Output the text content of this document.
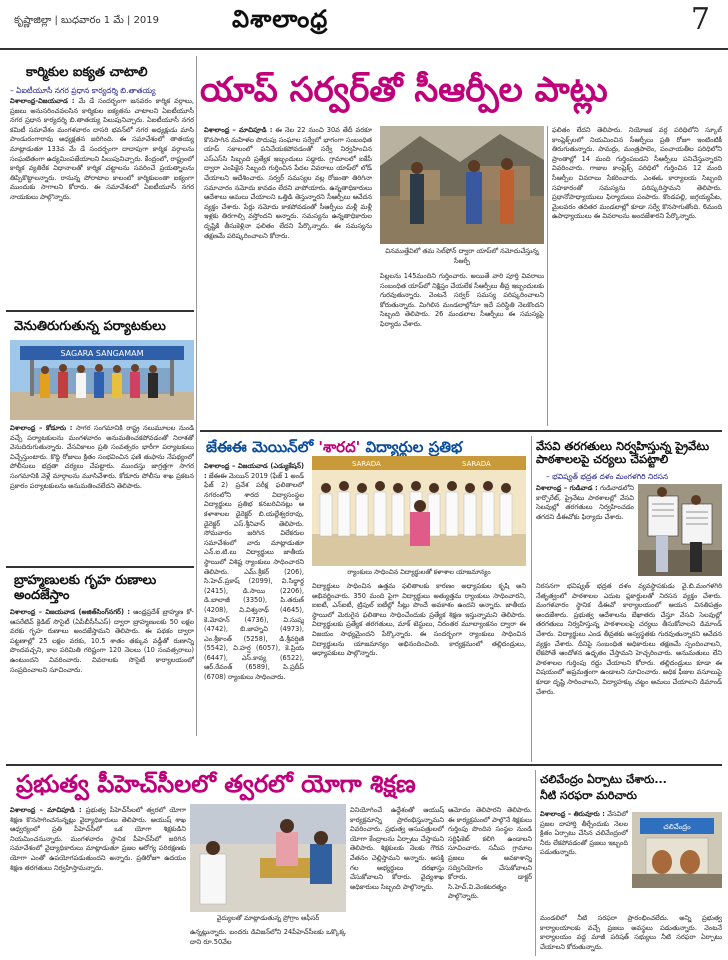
కృష్ణాజిల్లా | బుధవారం 1 మే | 2019	విశాలాంధ్ర	7
కార్మికుల ఐక్యత చాటాలి
– ఏఐటీయూసీ నగర ప్రధాన కార్యదర్శి బి.తాతయ్య
విశాలాంధ్ర-విజయవాడ : మే డే సందర్భంగా జనవరం కార్మిక వర్గాలు, ప్రజలు అనుసరించవలసిన కార్మికుల ఐక్యతను చాటాలని ఏఐటీయూసీ నగర ప్రధాన కార్యదర్శి బి.తాతయ్య పిలుపునిచ్చారు. ఏఐటీయూసీ నగర కమిటీ సమావేశం మంగళవారం దాసరి భవన్‌లో నగర అధ్యక్షుడు మాసి పాండురంగారావు అధ్యక్షతన జరిగింది. ఈ సమావేశంలో తాతయ్య మాట్లాడుతూ 133వ మే డే సందర్భంగా దాదాపుగా కార్మిక వర్గాలను సంఘటితంగా ఉద్యమింపజేయాలని పిలుపునిచ్చారు. కేంద్రంలో, రాష్ట్రంలో కార్మిక వ్యతిరేక విధానాలతో కార్మిక చట్టాలను సవరించే ప్రయత్నాలను తిప్పికొట్టాలన్నారు. రానున్న పోరాటాల కాలంలో కార్మికులంతా ఐక్యంగా ముందుకు సాగాలని కోరారు. ఈ సమావేశంలో ఏఐటీయూసీ నగర నాయకులు పాల్గొన్నారు.
వెనుతిరుగుతున్న పర్యాటకులు
SAGARA SANGAMAM
విశాలాంధ్ర – కోడూరు : సాగర సంగమానికి రాష్ట్ర నలుమూలల నుండి వచ్చే పర్యాటకులను మంగళవారం అనుమతించకపోవడంతో నిరాశతో వెనుదిరుగుతున్నారు. వేసవికాలం ప్రతి సంవత్సరం భారీగా పర్యాటకులు విచ్చేస్తుంటారు. కొద్ది రోజులు క్రితం సంభవించిన ఫణి తుఫాను నేపథ్యంలో పోలీసులు భద్రతా చర్యలు చేపట్టారు. ముందస్తు జాగ్రత్తగా సాగర సంగమానికి వెళ్లే మార్గాలను మూసివేశారు. కోడూరు పోలీసు శాఖ ప్రకటన ప్రకారం పర్యాటకులను అనుమతించలేదని తెలిపారు.
బ్రాహ్మణులకు గృహ రుణాలు అందజేస్తాం
విశాలాంధ్ర – విజయవాడ (అజిత్‌సింగ్‌నగర్) : ఆంధ్రప్రదేశ్ బ్రాహ్మణ కో-ఆపరేటివ్ క్రెడిట్ సొసైటీ (ఏపీబీసీసీఎస్) ద్వారా బ్రాహ్మణులకు 50 లక్షల వరకు గృహ రుణాలు అందజేస్తామని తెలిపారు. ఈ పథకం ద్వారా పట్టణాల్లో 25 లక్షల వరకు, 10.5 శాతం తక్కువ వడ్డీతో రుణాన్ని పొందవచ్చని, కాల పరిమితి గరిష్టంగా 120 నెలలు (10 సంవత్సరాలు) ఉంటుందని వివరించారు. వివరాలకు సొసైటీ కార్యాలయంలో సంప్రదించాలని సూచించారు.
యాప్ సర్వర్‌తో సీఆర్పీల పాట్లు
విశాలాంధ్ర – మాచిపూడి : ఈ నెల 22 నుంచి 30వ తేదీ వరకూ కొనసాగిన మహిళల పొదుపు సంఘాల సర్వేలో భాగంగా సంబంధిత యాప్ సకాలంలో పనిచేయకపోవడంతో సర్వే నిర్వహించిన ఎస్‌ఎస్‌సి సిబ్బంది ప్రత్యేక ఇబ్బందులు పడ్డారు. గ్రామాలలో ఐకేపీ ద్వారా ఎంపికైన సిబ్బంది గుర్తించిన పేదల వివరాలు యాప్‌లో లోడ్ చేయాలని ఆదేశించారు. సర్వర్ సమస్యల వల్ల రోజంతా తిరిగినా సమాచారం నమోదు కావడం లేదని వాపోయారు. ఉన్నతాధికారులు ఆదేశాలు అమలు చేయాలని ఒత్తిడి తెస్తున్నారని సీఆర్పీలు ఆవేదన వ్యక్తం చేశారు. పేర్లు నమోదు కాకపోవడంతో సీఆర్పీలు మళ్లీ మళ్లీ ఇళ్లకు తిరగాల్సి వస్తోందని అన్నారు. సమస్యను ఉన్నతాధికారుల దృష్టికి తీసుకెళ్లినా ఫలితం లేదని పేర్కొన్నారు. ఈ సమస్యను తక్షణమే పరిష్కరించాలని కోరారు.
చినముత్తేవిలో తమ సెల్‌ఫోన్ ద్వారా యాప్‌లో నమోదుచేస్తున్న సీఆర్పీ
పిల్లలను 145మందిని గుర్తించారు. అయితే వారి పూర్తి వివరాలు సంబంధిత యాప్‌లో నిక్షిప్తం చేయలేక సీఆర్పీలు తీవ్ర ఇబ్బందులకు గురవుతున్నారు. వెంటనే సర్వర్ సమస్య పరిష్కరించాలని కోరుతున్నారు. మిగిలిన మండలాల్లోనూ ఇదే పరిస్థితి నెలకొందని సిబ్బంది తెలిపారు. 26 మండలాల సీఆర్పీలు ఈ సమస్యపై ఫిర్యాదు చేశారు.
ఫలితం లేదని తెలిపారు. నియోజక వర్గ పరిధిలోని స్కూల్ కాంప్లెక్స్‌లలో నియమించిన సీఆర్పీలు ప్రతి రోజూ ఇంటింటికీ తిరుగుతున్నారు. పామర్రు, మంత్రపాలెం, పంచాయతీల పరిధిలోని ప్రాంతాల్లో 14 మంది గుర్తింపబడని సీఆర్పీలు పనిచేస్తున్నారని వివరించారు. గాజుల కాంప్లెక్స్ పరిధిలో గుర్తించిన 12 మంది సీఆర్పీల వివరాలు సేకరించారు. ఎంఈఓ కార్యాలయ సిబ్బంది సహకారంతో సమస్యను పరిష్కరిస్తామని తెలిపారు. ప్రధానోపాధ్యాయులు ఫిర్యాదులు పంపారు. కొండపల్లి, జగ్గయ్యపేట, మైలవరం తదితర మండలాల్లో కూడా సర్వే కొనసాగుతోంది. 6మంది ఉపాధ్యాయులు ఈ వివరాలను అందజేశారని పేర్కొన్నారు.
జేఈఈ మెయిన్‌లో 'శారద' విద్యార్థుల ప్రతిభ
విశాలాంధ్ర – విజయవాడ (ఎడ్యుకేషన్) : జేఈఈ మెయిన్ 2019 (ఫేజ్ 1 అండ్ ఫేజ్ 2) ప్రవేశ పరీక్ష ఫలితాలలో నగరంలోని శారద విద్యాసంస్థల విద్యార్థులు ప్రతిభ కనబరిచినట్లు ఆ కళాశాలల డైరెక్టర్ బి.యల్లేశ్వరరావు, డైరెక్టర్ ఎస్.శ్రీనివాస్ తెలిపారు. సోమవారం జరిగిన విలేకరుల సమావేశంలో వారు మాట్లాడుతూ ఎన్.ఐ.టి.లు విద్యార్థులు జాతీయ స్థాయిలో విశిష్ట ర్యాంకులు సాధించారని తెలిపారు. ఎమ్.శ్రీకర్ (206), సి.హెచ్.ప్రకాష్ (2099), వి.సిద్ధార్థ (2415), డి.సాయి (2206), డి.బాలాజీ (3350), పి.తరుణ్ (4208), వి.విశ్వనాథ్ (4645), కె.మోహన్ (4736), వి.సుష్మ (4742), బి.జాహ్నవి (4973), ఎం.శ్రీకాంత్ (5258), డి.శ్రీవర్షిణి (5542), వి.హర్ష (6057), కె.ప్రియ (6447), ఎస్.కావ్య (6522), ఆర్.రేవంత్ (6589), పి.ప్రదీప్ (6708) ర్యాంకులు సాధించారు.
SARADA	SARADA
ర్యాంకులు సాధించిన విద్యార్థులతో కళాశాల యాజమాన్యం
విద్యార్థులు సాధించిన ఉత్తమ ఫలితాలకు కారణం అధ్యాపకుల కృషి అని అభివర్ణించారు. 350 మంది పైగా విద్యార్థులు అత్యుత్తమ ర్యాంకులు సాధించారని, ఐఐటీ, ఎన్ఐటీ, ట్రిపుల్ ఐటీల్లో సీట్లు పొందే అవకాశం ఉందని అన్నారు. జాతీయ స్థాయిలో మెరుగైన ఫలితాలు సాధించేందుకు ప్రత్యేక శిక్షణ ఇస్తున్నామని తెలిపారు. విద్యార్థులకు ప్రత్యేక తరగతులు, మాక్ టెస్టులు, నిరంతర మూల్యాంకనం ద్వారా ఈ విజయం సాధ్యమైందని పేర్కొన్నారు. ఈ సందర్భంగా ర్యాంకులు సాధించిన విద్యార్థులను యాజమాన్యం అభినందించింది. కార్యక్రమంలో తల్లిదండ్రులు, అధ్యాపకులు పాల్గొన్నారు.
వేసవి తరగతులు నిర్వహిస్తున్న ప్రైవేటు పాఠశాలలపై చర్యలు చేపట్టాలి
– భవిష్యత్ భద్రత దళం మంగళగిరి నిరసన
విశాలాంధ్ర – గుడివాడ : గుడివాడలోని కార్పొరేట్, ప్రైవేటు పాఠశాలల్లో వేసవి సెలవుల్లో తరగతులు నిర్వహించడం తగదని డీఈవోకు ఫిర్యాదు చేశారు.
నిరసనగా భవిష్యత్ భద్రత దళం వ్యవస్థాపకుడు వై.బి.మంగళగిరి నేతృత్వంలో పాఠశాలల ఎదుట ప్లకార్డులతో నిరసన వ్యక్తం చేశారు. మంగళవారం స్థానిక డీఈవో కార్యాలయంలో ఆయన వినతిపత్రం అందజేశారు. ప్రభుత్వ ఆదేశాలను బేఖాతరు చేస్తూ వేసవి సెలవుల్లో తరగతులు నిర్వహిస్తున్న పాఠశాలలపై చర్యలు తీసుకోవాలని డిమాండ్ చేశారు. విద్యార్థులు ఎండ తీవ్రతకు అస్వస్థతకు గురవుతున్నారని ఆవేదన వ్యక్తం చేశారు. దీనిపై సంబంధిత అధికారులు తక్షణమే స్పందించాలని, లేకపోతే ఆందోళన ఉధృతం చేస్తామని హెచ్చరించారు. అనుమతులు లేని పాఠశాలల గుర్తింపు రద్దు చేయాలని కోరారు. తల్లిదండ్రులు కూడా ఈ విషయంలో అప్రమత్తంగా ఉండాలని సూచించారు. అధిక ఫీజుల వసూలుపై కూడా దృష్టి సారించాలని, విద్యాహక్కు చట్టం అమలు చేయాలని డిమాండ్ చేశారు.
ప్రభుత్వ పీహెచ్‌సీలలో త్వరలో యోగా శిక్షణ
విశాలాంధ్ర – మాచిపూడి : ప్రభుత్వ పీహెచ్‌సీలలో త్వరలో యోగా శిక్షణ కొనసాగించనున్నట్లు వైద్యాధికారులు తెలిపారు. ఆయుష్ శాఖ ఆధ్వర్యంలో ప్రతి పీహెచ్‌సీలో ఒక యోగా శిక్షకుడిని నియమించనున్నారు. మంగళవారం స్థానిక పీహెచ్‌సీలో జరిగిన సమావేశంలో వైద్యాధికారులు మాట్లాడుతూ ప్రజల ఆరోగ్య పరిరక్షణకు యోగా ఎంతో ఉపయోగపడుతుందని అన్నారు. ప్రతిరోజూ ఉదయం శిక్షణ తరగతులు నిర్వహిస్తామన్నారు.
వైద్యులతో మాట్లాడుతున్న ప్రోగ్రాం ఆఫీసర్
ఉన్నట్లున్నారు. బందరు డివిజన్‌లోని 24పీహెచ్‌సీలకు ఒక్కొక్క దాని రూ.50వేల
వినియోగించే ఉద్దేశంతో ఆయుష్ కార్యక్రమాన్ని ప్రారంభిస్తున్నామని వివరించారు. ప్రభుత్వ ఆసుపత్రులలో యోగా కేంద్రాలను ఏర్పాటు చేస్తామని తెలిపారు. శిక్షకులకు నెలకు గౌరవ వేతనం చెల్లిస్తామని అన్నారు. ఆసక్తి గల అభ్యర్థులు దరఖాస్తు చేసుకోవాలని కోరారు. వైద్యశాఖ అధికారులు సిబ్బంది పాల్గొన్నారు.
ఆమోదం తెలిపారని తెలిపారు. ఈ కార్యక్రమంలో పాల్గొనే శిక్షకులు గుర్తింపు పొందిన సంస్థల నుండి సర్టిఫికెట్ కలిగి ఉండాలని సూచించారు. సమీప గ్రామాల ప్రజలు ఈ అవకాశాన్ని సద్వినియోగం చేసుకోవాలని కోరారు. డాక్టర్ సి.హెచ్.వి.వెంకటరత్నం పాల్గొన్నారు.
చలివేంద్రం ఏర్పాటు చేశారు...
నీటి సరఫరా మరిచారు
విశాలాంధ్ర – తిరువూరు : వేసవిలో ప్రజల దాహార్తి తీర్చేందుకు నెలల క్రితం ఏర్పాటు చేసిన చలివేంద్రంలో నీరు లేకపోవడంతో ప్రజలు ఇబ్బంది పడుతున్నారు.
చలివేంద్రం
మండలిలో నీటి సరఫరా ప్రారంభించలేదు. అన్ని ప్రభుత్వ కార్యాలయాలకు వచ్చే ప్రజలు అవస్థలు పడుతున్నారు. వెంటనే కార్యాలయం వద్ద మాజీ పరిషత్ సభ్యులు నీటి సరఫరా ఏర్పాటు చేయాలని కోరుతున్నారు.
